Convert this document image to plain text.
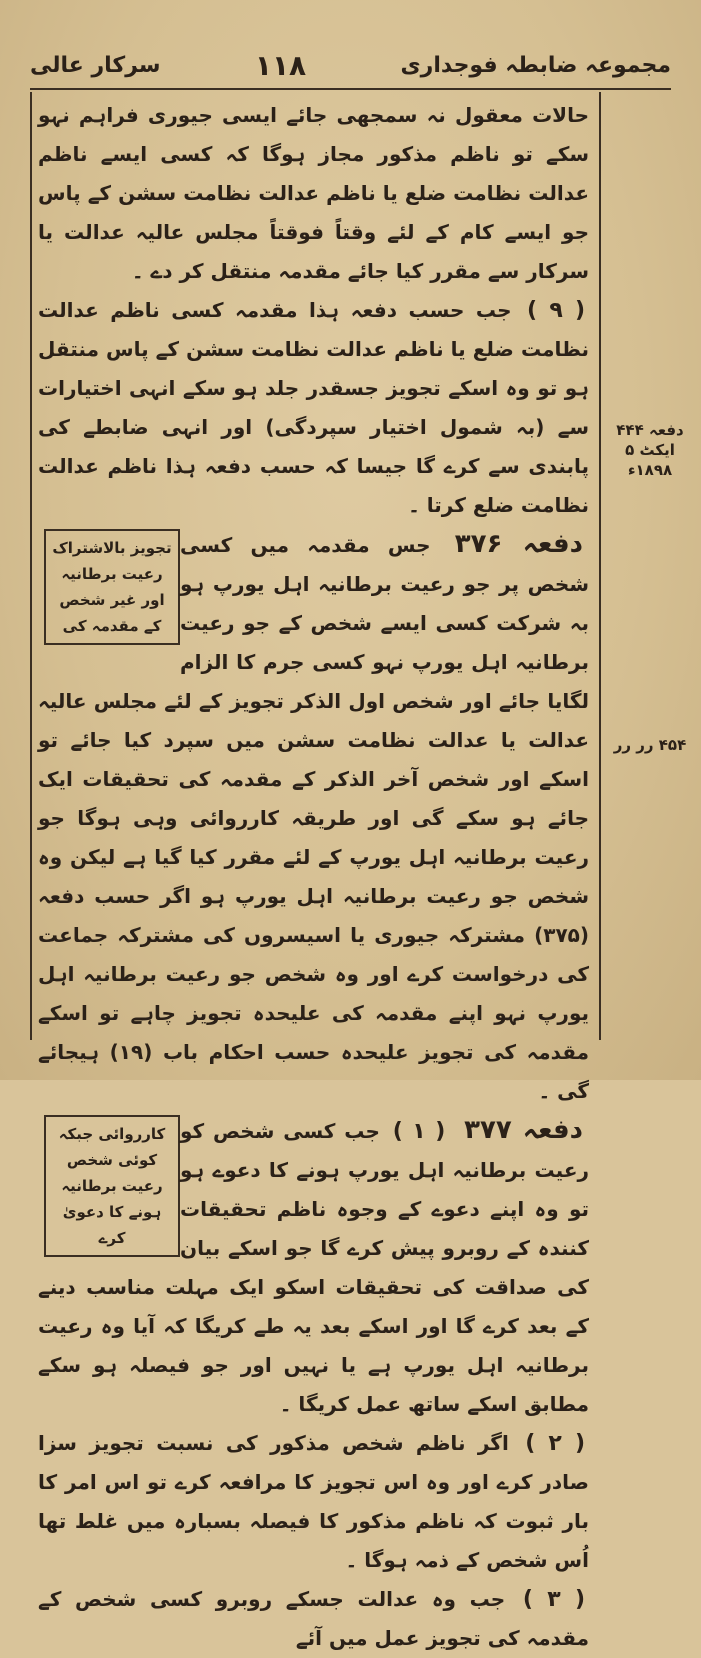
مجموعہ ضابطہ فوجداری
۱۱۸
سرکار عالی
دفعہ ۴۴۴ ایکٹ ۵ ۱۸۹۸ء
۴۵۴ رر رر

حالات معقول نہ سمجھی جائے ایسی جیوری فراہم نہو سکے تو ناظم مذکور مجاز ہوگا کہ کسی ایسے ناظم عدالت نظامت ضلع یا ناظم عدالت نظامت سشن کے پاس جو ایسے کام کے لئے وقتاً فوقتاً مجلس عالیہ عدالت یا سرکار سے مقرر کیا جائے مقدمہ منتقل کر دے ۔

( ۹ ) جب حسب دفعہ ہذا مقدمہ کسی ناظم عدالت نظامت ضلع یا ناظم عدالت نظامت سشن کے پاس منتقل ہو تو وہ اسکے تجویز جسقدر جلد ہو سکے انہی اختیارات سے (بہ شمول اختیار سپردگی) اور انہی ضابطے کی پابندی سے کرے گا جیسا کہ حسب دفعہ ہذا ناظم عدالت نظامت ضلع کرتا ۔

تجویز بالاشتراک رعیت برطانیہ اور غیر شخص کے مقدمہ کی
دفعہ ۳۷۶ جس مقدمہ میں کسی شخص پر جو رعیت برطانیہ اہل یورپ ہو بہ شرکت کسی ایسے شخص کے جو رعیت برطانیہ اہل یورپ نہو کسی جرم کا الزام لگایا جائے اور شخص اول الذکر تجویز کے لئے مجلس عالیہ عدالت یا عدالت نظامت سشن میں سپرد کیا جائے تو اسکے اور شخص آخر الذکر کے مقدمہ کی تحقیقات ایک جائے ہو سکے گی اور طریقہ کارروائی وہی ہوگا جو رعیت برطانیہ اہل یورپ کے لئے مقرر کیا گیا ہے لیکن وہ شخص جو رعیت برطانیہ اہل یورپ ہو اگر حسب دفعہ (۳۷۵) مشترکہ جیوری یا اسیسروں کی مشترکہ جماعت کی درخواست کرے اور وہ شخص جو رعیت برطانیہ اہل یورپ نہو اپنے مقدمہ کی علیحدہ تجویز چاہے تو اسکے مقدمہ کی تجویز علیحدہ حسب احکام باب (۱۹) ہیجائے گی ۔

کارروائی جبکہ کوئی شخص رعیت برطانیہ ہونے کا دعویٰ کرے
دفعہ ۳۷۷ ( ۱ ) جب کسی شخص کو رعیت برطانیہ اہل یورپ ہونے کا دعوے ہو تو وہ اپنے دعوے کے وجوہ ناظم تحقیقات کنندہ کے روبرو پیش کرے گا جو اسکے بیان کی صداقت کی تحقیقات اسکو ایک مہلت مناسب دینے کے بعد کرے گا اور اسکے بعد یہ طے کریگا کہ آیا وہ رعیت برطانیہ اہل یورپ ہے یا نہیں اور جو فیصلہ ہو سکے مطابق اسکے ساتھ عمل کریگا ۔

( ۲ ) اگر ناظم شخص مذکور کی نسبت تجویز سزا صادر کرے اور وہ اس تجویز کا مرافعہ کرے تو اس امر کا بار ثبوت کہ ناظم مذکور کا فیصلہ بسبارہ میں غلط تھا اُس شخص کے ذمہ ہوگا ۔

( ۳ ) جب وہ عدالت جسکے روبرو کسی شخص کے مقدمہ کی تجویز عمل میں آئے
